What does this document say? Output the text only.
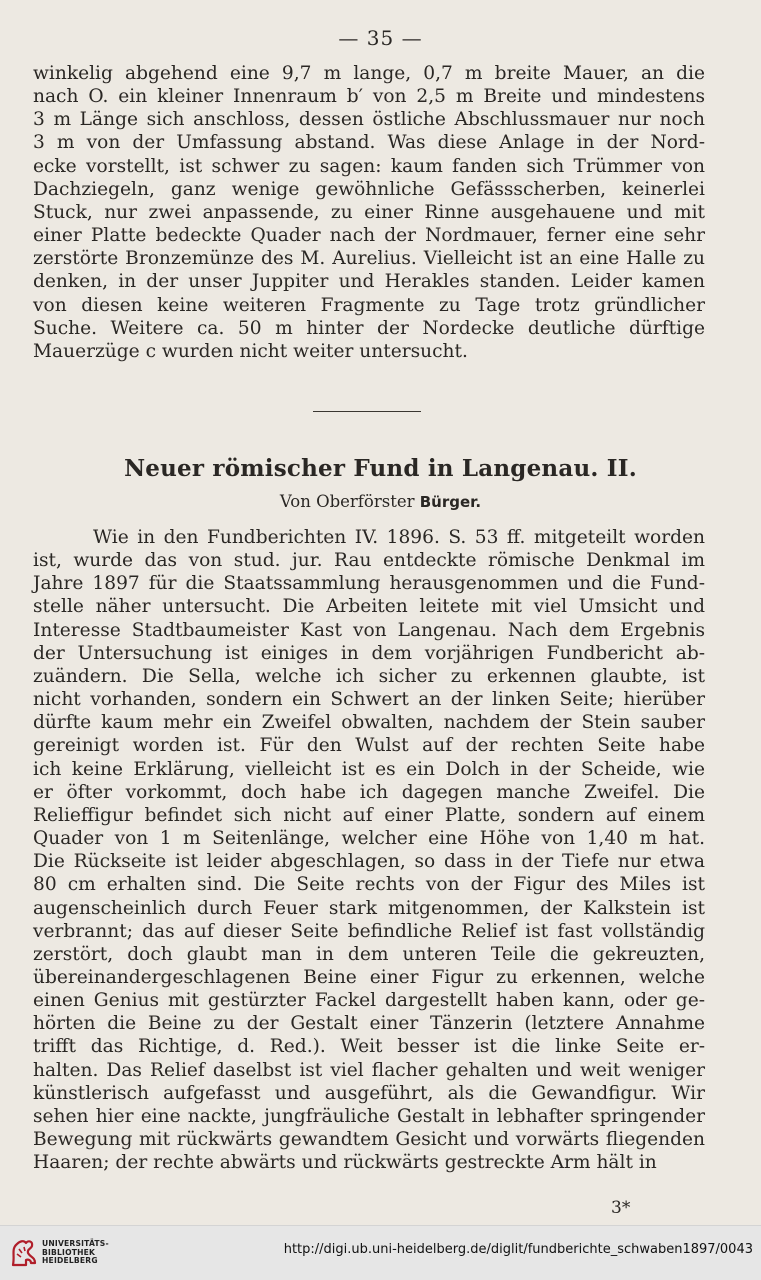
— 35 —
winkelig abgehend eine 9,7 m lange, 0,7 m breite Mauer, an die
nach O. ein kleiner Innenraum b′ von 2,5 m Breite und mindestens
3 m Länge sich anschloss, dessen östliche Abschlussmauer nur noch
3 m von der Umfassung abstand. Was diese Anlage in der Nord-
ecke vorstellt, ist schwer zu sagen: kaum fanden sich Trümmer von
Dachziegeln, ganz wenige gewöhnliche Gefässscherben, keinerlei
Stuck, nur zwei anpassende, zu einer Rinne ausgehauene und mit
einer Platte bedeckte Quader nach der Nordmauer, ferner eine sehr
zerstörte Bronzemünze des M. Aurelius. Vielleicht ist an eine Halle zu
denken, in der unser Juppiter und Herakles standen. Leider kamen
von diesen keine weiteren Fragmente zu Tage trotz gründlicher
Suche. Weitere ca. 50 m hinter der Nordecke deutliche dürftige
Mauerzüge c wurden nicht weiter untersucht.
Neuer römischer Fund in Langenau. II.
Von Oberförster Bürger.
Wie in den Fundberichten IV. 1896. S. 53 ff. mitgeteilt worden
ist, wurde das von stud. jur. Rau entdeckte römische Denkmal im
Jahre 1897 für die Staatssammlung herausgenommen und die Fund-
stelle näher untersucht. Die Arbeiten leitete mit viel Umsicht und
Interesse Stadtbaumeister Kast von Langenau. Nach dem Ergebnis
der Untersuchung ist einiges in dem vorjährigen Fundbericht ab-
zuändern. Die Sella, welche ich sicher zu erkennen glaubte, ist
nicht vorhanden, sondern ein Schwert an der linken Seite; hierüber
dürfte kaum mehr ein Zweifel obwalten, nachdem der Stein sauber
gereinigt worden ist. Für den Wulst auf der rechten Seite habe
ich keine Erklärung, vielleicht ist es ein Dolch in der Scheide, wie
er öfter vorkommt, doch habe ich dagegen manche Zweifel. Die
Relieffigur befindet sich nicht auf einer Platte, sondern auf einem
Quader von 1 m Seitenlänge, welcher eine Höhe von 1,40 m hat.
Die Rückseite ist leider abgeschlagen, so dass in der Tiefe nur etwa
80 cm erhalten sind. Die Seite rechts von der Figur des Miles ist
augenscheinlich durch Feuer stark mitgenommen, der Kalkstein ist
verbrannt; das auf dieser Seite befindliche Relief ist fast vollständig
zerstört, doch glaubt man in dem unteren Teile die gekreuzten,
übereinandergeschlagenen Beine einer Figur zu erkennen, welche
einen Genius mit gestürzter Fackel dargestellt haben kann, oder ge-
hörten die Beine zu der Gestalt einer Tänzerin (letztere Annahme
trifft das Richtige, d. Red.). Weit besser ist die linke Seite er-
halten. Das Relief daselbst ist viel flacher gehalten und weit weniger
künstlerisch aufgefasst und ausgeführt, als die Gewandfigur. Wir
sehen hier eine nackte, jungfräuliche Gestalt in lebhafter springender
Bewegung mit rückwärts gewandtem Gesicht und vorwärts fliegenden
Haaren; der rechte abwärts und rückwärts gestreckte Arm hält in
3*
UNIVERSITÄTS-
BIBLIOTHEK
HEIDELBERG
http://digi.ub.uni-heidelberg.de/diglit/fundberichte_schwaben1897/0043
